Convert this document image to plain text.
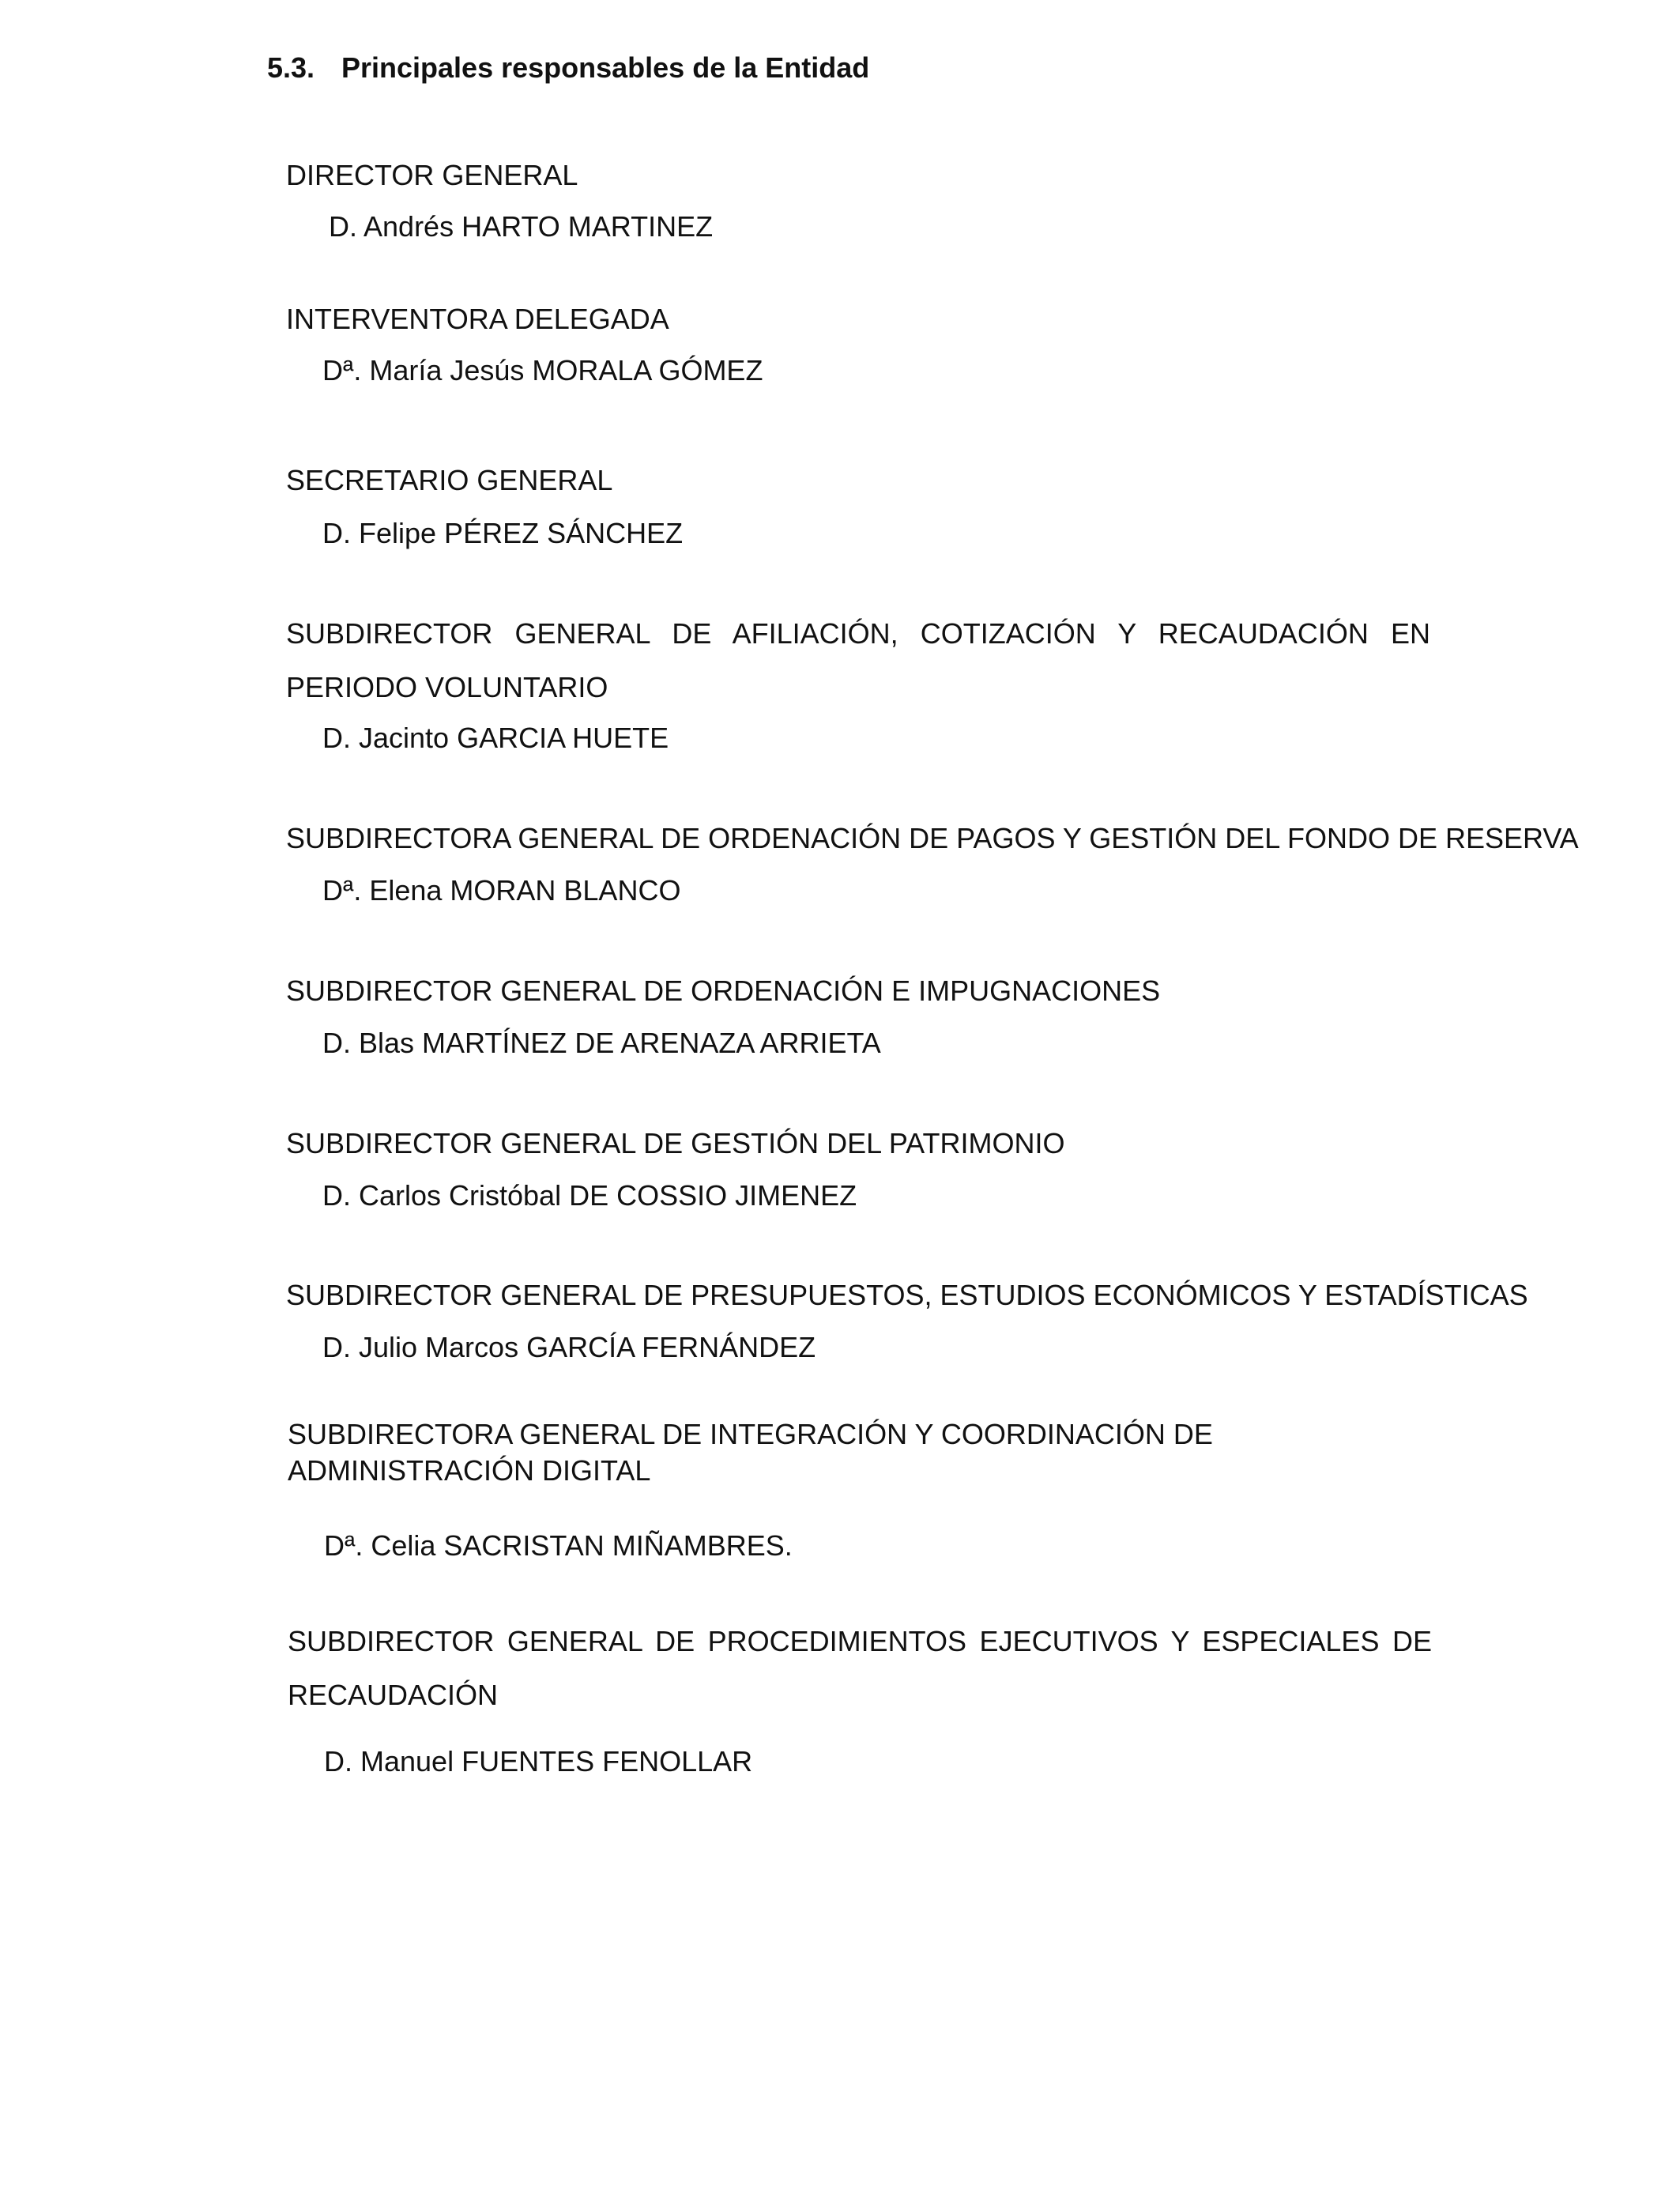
5.3. Principales responsables de la Entidad
DIRECTOR GENERAL
D. Andrés HARTO MARTINEZ
INTERVENTORA DELEGADA
Dª. María Jesús MORALA GÓMEZ
SECRETARIO GENERAL
D. Felipe PÉREZ SÁNCHEZ
SUBDIRECTOR GENERAL DE AFILIACIÓN, COTIZACIÓN Y RECAUDACIÓN EN PERIODO VOLUNTARIO
D. Jacinto GARCIA HUETE
SUBDIRECTORA GENERAL DE ORDENACIÓN DE PAGOS Y GESTIÓN DEL FONDO DE RESERVA
Dª. Elena MORAN BLANCO
SUBDIRECTOR GENERAL DE ORDENACIÓN E IMPUGNACIONES
D. Blas MARTÍNEZ DE ARENAZA ARRIETA
SUBDIRECTOR GENERAL DE GESTIÓN DEL PATRIMONIO
D. Carlos Cristóbal DE COSSIO JIMENEZ
SUBDIRECTOR GENERAL DE PRESUPUESTOS, ESTUDIOS ECONÓMICOS Y ESTADÍSTICAS
D. Julio Marcos GARCÍA FERNÁNDEZ
SUBDIRECTORA GENERAL DE INTEGRACIÓN Y COORDINACIÓN DE ADMINISTRACIÓN DIGITAL
Dª. Celia SACRISTAN MIÑAMBRES.
SUBDIRECTOR GENERAL DE PROCEDIMIENTOS EJECUTIVOS Y ESPECIALES DE RECAUDACIÓN
D. Manuel FUENTES FENOLLAR
